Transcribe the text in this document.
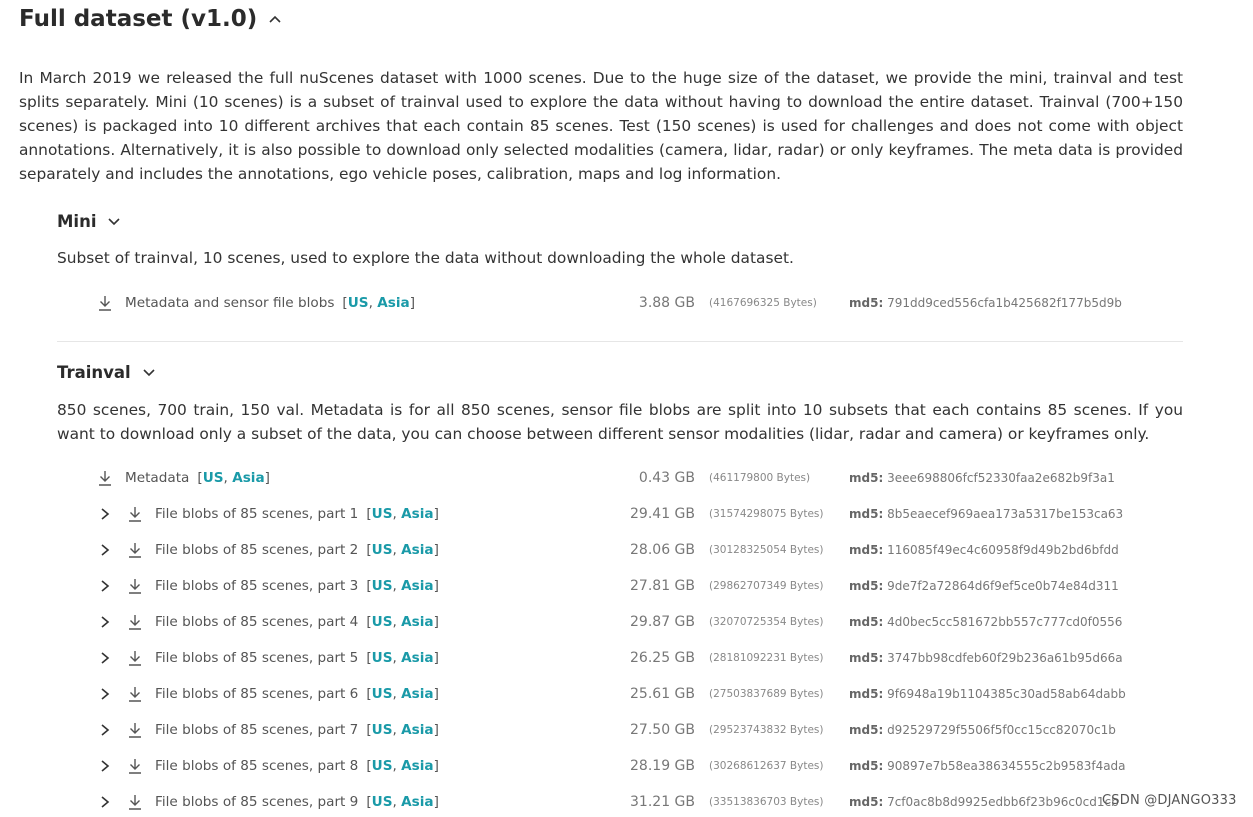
Full dataset (v1.0)
In March 2019 we released the full nuScenes dataset with 1000 scenes. Due to the huge size of the dataset, we provide the mini, trainval and test splits separately. Mini (10 scenes) is a subset of trainval used to explore the data without having to download the entire dataset. Trainval (700+150 scenes) is packaged into 10 different archives that each contain 85 scenes. Test (150 scenes) is used for challenges and does not come with object annotations. Alternatively, it is also possible to download only selected modalities (camera, lidar, radar) or only keyframes. The meta data is provided separately and includes the annotations, ego vehicle poses, calibration, maps and log information.
Mini
Subset of trainval, 10 scenes, used to explore the data without downloading the whole dataset.
Metadata and sensor file blobs [US, Asia]	3.88 GB (4167696325 Bytes)	md5: 791dd9ced556cfa1b425682f177b5d9b
Trainval
850 scenes, 700 train, 150 val. Metadata is for all 850 scenes, sensor file blobs are split into 10 subsets that each contains 85 scenes. If you want to download only a subset of the data, you can choose between different sensor modalities (lidar, radar and camera) or keyframes only.
Metadata [US, Asia]	0.43 GB (461179800 Bytes)	md5: 3eee698806fcf52330faa2e682b9f3a1
File blobs of 85 scenes, part 1 [US, Asia]	29.41 GB (31574298075 Bytes) md5: 8b5eaecef969aea173a5317be153ca63
File blobs of 85 scenes, part 2 [US, Asia]	28.06 GB (30128325054 Bytes) md5: 116085f49ec4c60958f9d49b2bd6bfdd
File blobs of 85 scenes, part 3 [US, Asia]	27.81 GB (29862707349 Bytes) md5: 9de7f2a72864d6f9ef5ce0b74e84d311
File blobs of 85 scenes, part 4 [US, Asia]	29.87 GB (32070725354 Bytes) md5: 4d0bec5cc581672bb557c777cd0f0556
File blobs of 85 scenes, part 5 [US, Asia]	26.25 GB (28181092231 Bytes) md5: 3747bb98cdfeb60f29b236a61b95d66a
File blobs of 85 scenes, part 6 [US, Asia]	25.61 GB (27503837689 Bytes) md5: 9f6948a19b1104385c30ad58ab64dabb
File blobs of 85 scenes, part 7 [US, Asia]	27.50 GB (29523743832 Bytes) md5: d92529729f5506f5f0cc15cc82070c1b
File blobs of 85 scenes, part 8 [US, Asia]	28.19 GB (30268612637 Bytes) md5: 90897e7b58ea38634555c2b9583f4ada
File blobs of 85 scenes, part 9 [US, Asia]	31.21 GB (33513836703 Bytes) md5: 7cf0ac8b8d9925edbb6f23b96c0cd1cb
CSDN @DJANGO333
